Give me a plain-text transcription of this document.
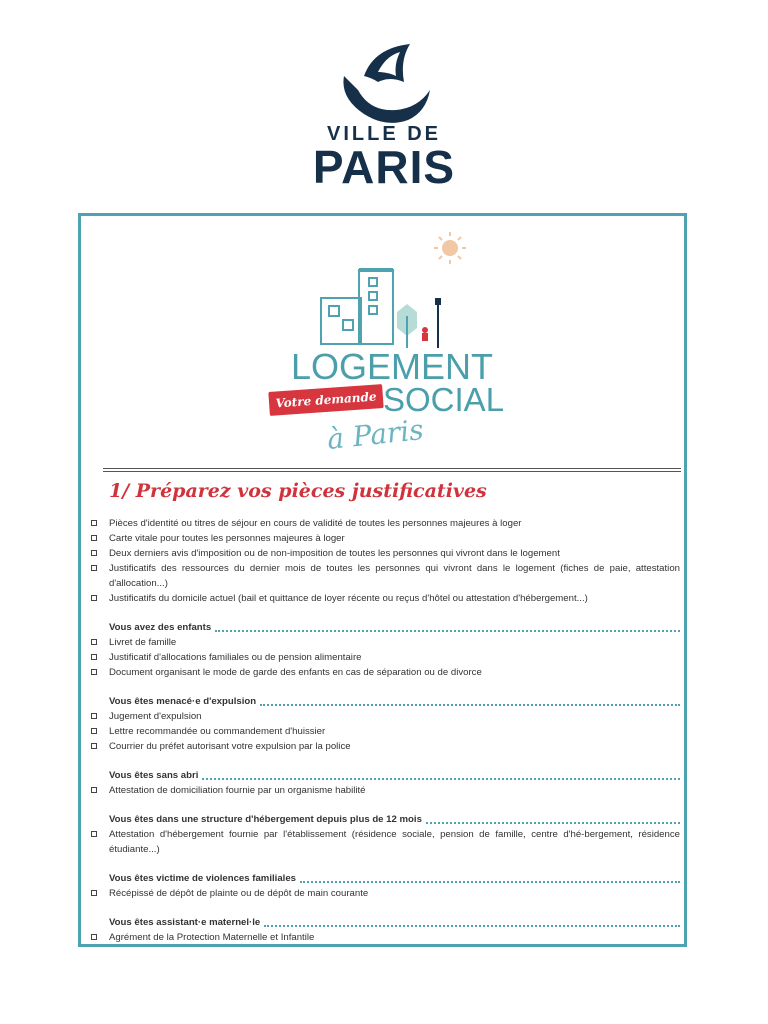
VILLE DE
PARIS
LOGEMENT
Votre demande SOCIAL
à Paris
1/ Préparez vos pièces justificatives
Pièces d'identité ou titres de séjour en cours de validité de toutes les personnes majeures à loger
Carte vitale pour toutes les personnes majeures à loger
Deux derniers avis d'imposition ou de non-imposition de toutes les personnes qui vivront dans le logement
Justificatifs des ressources du dernier mois de toutes les personnes qui vivront dans le logement (fiches de paie, attestation d'allocation...)
Justificatifs du domicile actuel (bail et quittance de loyer récente ou reçus d'hôtel ou attestation d'hébergement...)
Vous avez des enfants
Livret de famille
Justificatif d'allocations familiales ou de pension alimentaire
Document organisant le mode de garde des enfants en cas de séparation ou de divorce
Vous êtes menacé·e d'expulsion
Jugement d'expulsion
Lettre recommandée ou commandement d'huissier
Courrier du préfet autorisant votre expulsion par la police
Vous êtes sans abri
Attestation de domiciliation fournie par un organisme habilité
Vous êtes dans une structure d'hébergement depuis plus de 12 mois
Attestation d'hébergement fournie par l'établissement (résidence sociale, pension de famille, centre d'hé-bergement, résidence étudiante...)
Vous êtes victime de violences familiales
Récépissé de dépôt de plainte ou de dépôt de main courante
Vous êtes assistant·e maternel·le
Agrément de la Protection Maternelle et Infantile
